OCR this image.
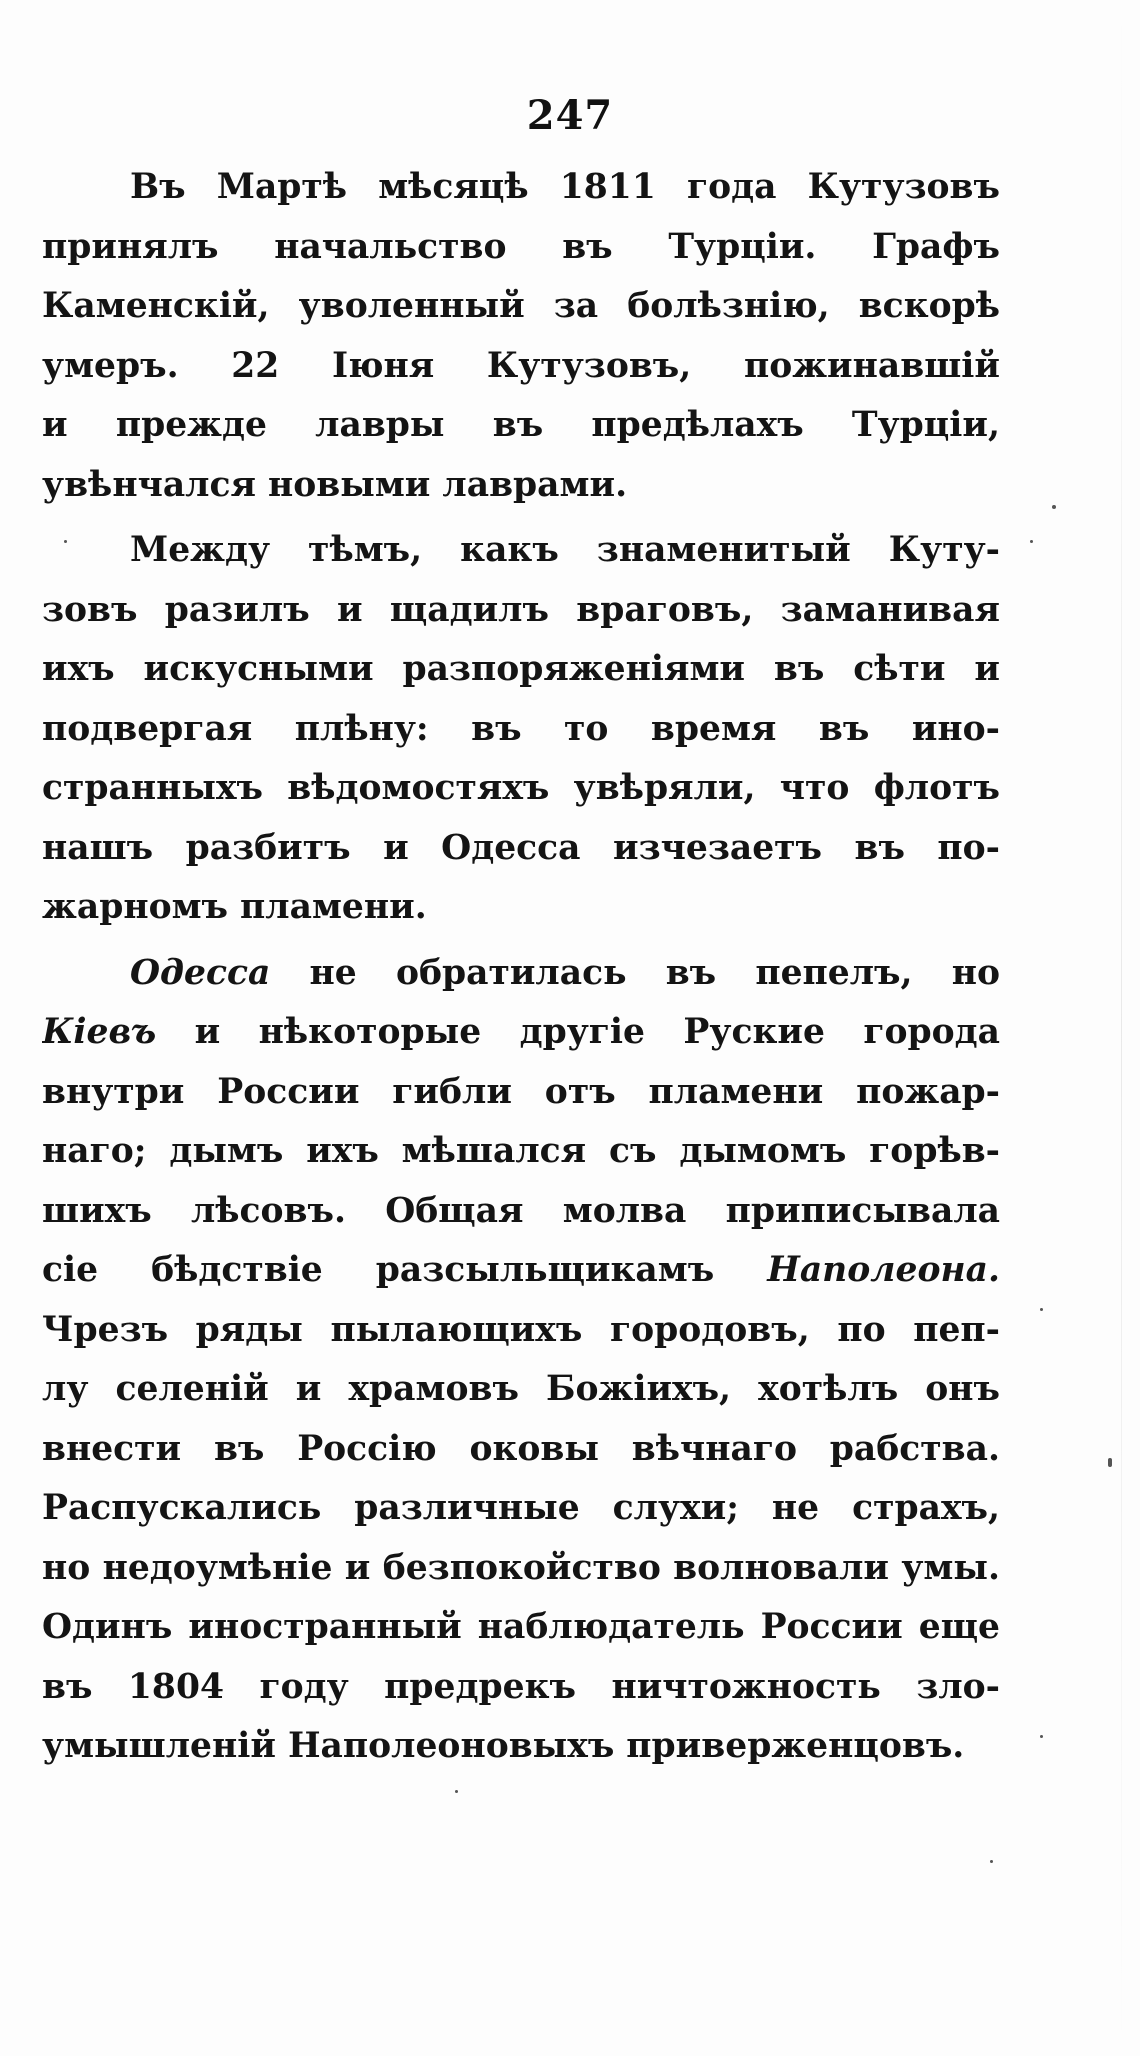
247
Въ Мартѣ мѣсяцѣ 1811 года Кутузовъ
принялъ начальство въ Турціи. Графъ
Каменскій, уволенный за болѣзнію, вскорѣ
умеръ. 22 Іюня Кутузовъ, пожинавшій
и прежде лавры въ предѣлахъ Турціи,
увѣнчался новыми лаврами.
Между тѣмъ, какъ знаменитый Куту-
зовъ разилъ и щадилъ враговъ, заманивая
ихъ искусными разпоряженіями въ сѣти и
подвергая плѣну: въ то время въ ино-
странныхъ вѣдомостяхъ увѣряли, что флотъ
нашъ разбитъ и Одесса изчезаетъ въ по-
жарномъ пламени.
Одесса не обратилась въ пепелъ, но
Кіевъ и нѣкоторые другіе Руские города
внутри России гибли отъ пламени пожар-
наго; дымъ ихъ мѣшался съ дымомъ горѣв-
шихъ лѣсовъ. Общая молва приписывала
сіе бѣдствіе разсыльщикамъ Наполеона.
Чрезъ ряды пылающихъ городовъ, по пеп-
лу селеній и храмовъ Божіихъ, хотѣлъ онъ
внести въ Россію оковы вѣчнаго рабства.
Распускались различные слухи; не страхъ,
но недоумѣніе и безпокойство волновали умы.
Одинъ иностранный наблюдатель России еще
въ 1804 году предрекъ ничтожность зло-
умышленій Наполеоновыхъ приверженцовъ.
